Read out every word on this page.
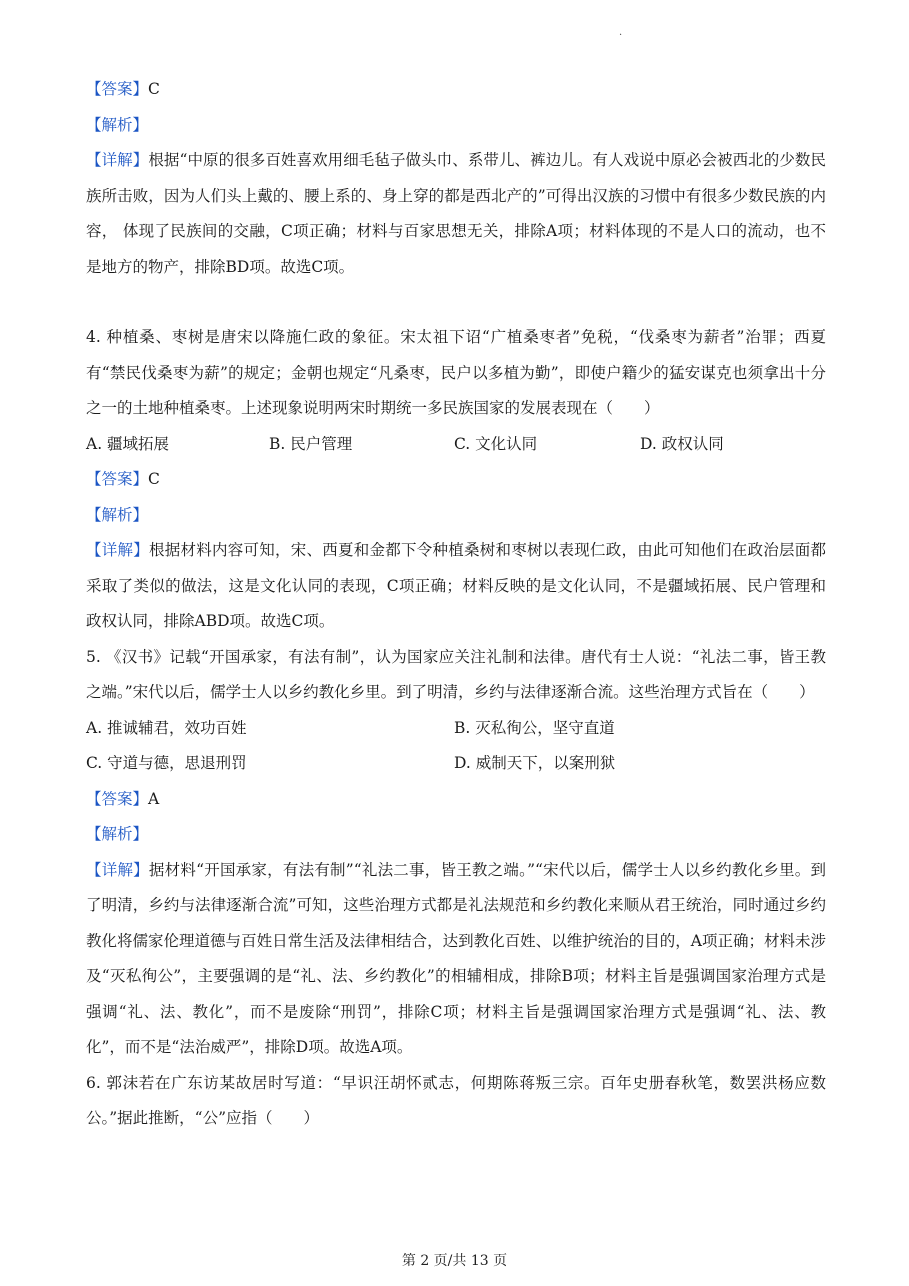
·

【答案】C

【解析】

【详解】根据“中原的很多百姓喜欢用细毛毡子做头巾、系带儿、裤边儿。有人戏说中原必会被西北的少数民族所击败，因为人们头上戴的、腰上系的、身上穿的都是西北产的”可得出汉族的习惯中有很多少数民族的内容， 体现了民族间的交融，C项正确；材料与百家思想无关，排除A项；材料体现的不是人口的流动，也不是地方的物产，排除BD项。故选C项。

4. 种植桑、枣树是唐宋以降施仁政的象征。宋太祖下诏“广植桑枣者”免税，“伐桑枣为薪者”治罪；西夏有“禁民伐桑枣为薪”的规定；金朝也规定“凡桑枣，民户以多植为勤”，即使户籍少的猛安谋克也须拿出十分之一的土地种植桑枣。上述现象说明两宋时期统一多民族国家的发展表现在（　　）

A. 疆域拓展	B. 民户管理	C. 文化认同	D. 政权认同

【答案】C

【解析】

【详解】根据材料内容可知，宋、西夏和金都下令种植桑树和枣树以表现仁政，由此可知他们在政治层面都采取了类似的做法，这是文化认同的表现，C项正确；材料反映的是文化认同，不是疆域拓展、民户管理和政权认同，排除ABD项。故选C项。

5. 《汉书》记载“开国承家，有法有制”，认为国家应关注礼制和法律。唐代有士人说：“礼法二事，皆王教之端。”宋代以后，儒学士人以乡约教化乡里。到了明清，乡约与法律逐渐合流。这些治理方式旨在（　　）

A. 推诚辅君，效功百姓	B. 灭私徇公，坚守直道
C. 守道与德，思退刑罚	D. 威制天下，以案刑狱

【答案】A

【解析】

【详解】据材料“开国承家，有法有制”“礼法二事，皆王教之端。”“宋代以后，儒学士人以乡约教化乡里。到了明清，乡约与法律逐渐合流”可知，这些治理方式都是礼法规范和乡约教化来顺从君王统治，同时通过乡约教化将儒家伦理道德与百姓日常生活及法律相结合，达到教化百姓、以维护统治的目的，A项正确；材料未涉及“灭私徇公”，主要强调的是“礼、法、乡约教化”的相辅相成，排除B项；材料主旨是强调国家治理方式是强调“礼、法、教化”，而不是废除“刑罚”，排除C项；材料主旨是强调国家治理方式是强调“礼、法、教化”，而不是“法治威严”，排除D项。故选A项。

6. 郭沫若在广东访某故居时写道：“早识汪胡怀贰志，何期陈蒋叛三宗。百年史册春秋笔，数罢洪杨应数公。”据此推断，“公”应指（　　）

第 2 页/共 13 页
